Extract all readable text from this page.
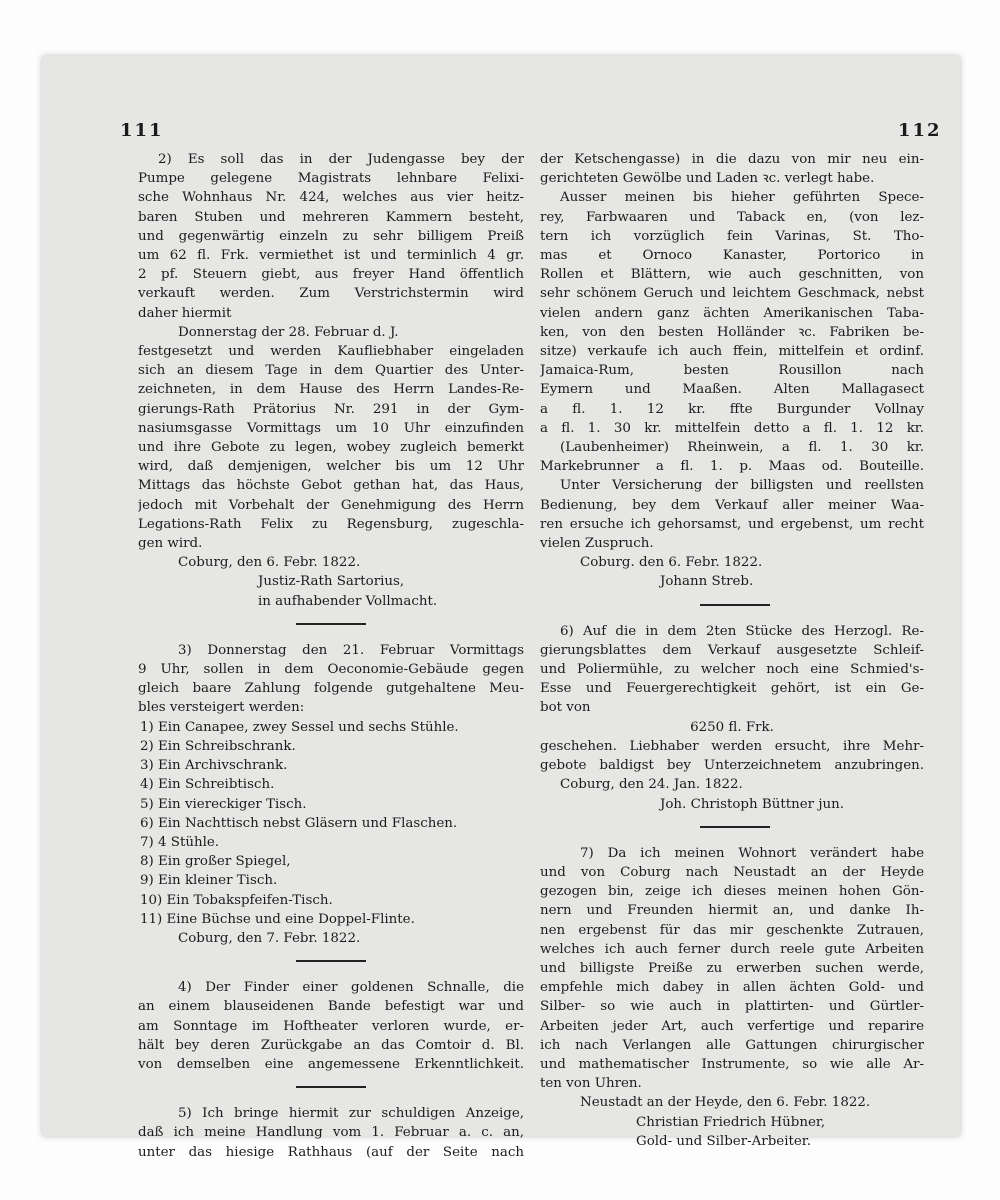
111	112
2) Es soll das in der Judengasse bey der
Pumpe gelegene Magistrats lehnbare Felixi-
sche Wohnhaus Nr. 424, welches aus vier heitz-
baren Stuben und mehreren Kammern besteht,
und gegenwärtig einzeln zu sehr billigem Preiß
um 62 fl. Frk. vermiethet ist und terminlich 4 gr.
2 pf. Steuern giebt, aus freyer Hand öffentlich
verkauft werden. Zum Verstrichstermin wird
daher hiermit
Donnerstag der 28. Februar d. J.
festgesetzt und werden Kaufliebhaber eingeladen
sich an diesem Tage in dem Quartier des Unter-
zeichneten, in dem Hause des Herrn Landes-Re-
gierungs-Rath Prätorius Nr. 291 in der Gym-
nasiumsgasse Vormittags um 10 Uhr einzufinden
und ihre Gebote zu legen, wobey zugleich bemerkt
wird, daß demjenigen, welcher bis um 12 Uhr
Mittags das höchste Gebot gethan hat, das Haus,
jedoch mit Vorbehalt der Genehmigung des Herrn
Legations-Rath Felix zu Regensburg, zugeschla-
gen wird.
Coburg, den 6. Febr. 1822.
Justiz-Rath Sartorius,
in aufhabender Vollmacht.
3) Donnerstag den 21. Februar Vormittags
9 Uhr, sollen in dem Oeconomie-Gebäude gegen
gleich baare Zahlung folgende gutgehaltene Meu-
bles versteigert werden:
1) Ein Canapee, zwey Sessel und sechs Stühle.
2) Ein Schreibschrank.
3) Ein Archivschrank.
4) Ein Schreibtisch.
5) Ein viereckiger Tisch.
6) Ein Nachttisch nebst Gläsern und Flaschen.
7) 4 Stühle.
8) Ein großer Spiegel,
9) Ein kleiner Tisch.
10) Ein Tobakspfeifen-Tisch.
11) Eine Büchse und eine Doppel-Flinte.
Coburg, den 7. Febr. 1822.
4) Der Finder einer goldenen Schnalle, die
an einem blauseidenen Bande befestigt war und
am Sonntage im Hoftheater verloren wurde, er-
hält bey deren Zurückgabe an das Comtoir d. Bl.
von demselben eine angemessene Erkenntlichkeit.
5) Ich bringe hiermit zur schuldigen Anzeige,
daß ich meine Handlung vom 1. Februar a. c. an,
unter das hiesige Rathhaus (auf der Seite nach
der Ketschengasse) in die dazu von mir neu ein-
gerichteten Gewölbe und Laden ꝛc. verlegt habe.
Ausser meinen bis hieher geführten Spece-
rey, Farbwaaren und Taback en, (von lez-
tern ich vorzüglich fein Varinas, St. Tho-
mas et Ornoco Kanaster, Portorico in
Rollen et Blättern, wie auch geschnitten, von
sehr schönem Geruch und leichtem Geschmack, nebst
vielen andern ganz ächten Amerikanischen Taba-
ken, von den besten Holländer ꝛc. Fabriken be-
sitze) verkaufe ich auch ffein, mittelfein et ordinf.
Jamaica-Rum, besten Rousillon nach
Eymern und Maaßen. Alten Mallagasect
a fl. 1. 12 kr. ffte Burgunder Vollnay
a fl. 1. 30 kr. mittelfein detto a fl. 1. 12 kr.
(Laubenheimer) Rheinwein, a fl. 1. 30 kr.
Markebrunner a fl. 1. p. Maas od. Bouteille.
Unter Versicherung der billigsten und reellsten
Bedienung, bey dem Verkauf aller meiner Waa-
ren ersuche ich gehorsamst, und ergebenst, um recht
vielen Zuspruch.
Coburg. den 6. Febr. 1822.
Johann Streb.
6) Auf die in dem 2ten Stücke des Herzogl. Re-
gierungsblattes dem Verkauf ausgesetzte Schleif-
und Poliermühle, zu welcher noch eine Schmied's-
Esse und Feuergerechtigkeit gehört, ist ein Ge-
bot von
6250 fl. Frk.
geschehen. Liebhaber werden ersucht, ihre Mehr-
gebote baldigst bey Unterzeichnetem anzubringen.
Coburg, den 24. Jan. 1822.
Joh. Christoph Büttner jun.
7) Da ich meinen Wohnort verändert habe
und von Coburg nach Neustadt an der Heyde
gezogen bin, zeige ich dieses meinen hohen Gön-
nern und Freunden hiermit an, und danke Ih-
nen ergebenst für das mir geschenkte Zutrauen,
welches ich auch ferner durch reele gute Arbeiten
und billigste Preiße zu erwerben suchen werde,
empfehle mich dabey in allen ächten Gold- und
Silber- so wie auch in plattirten- und Gürtler-
Arbeiten jeder Art, auch verfertige und reparire
ich nach Verlangen alle Gattungen chirurgischer
und mathematischer Instrumente, so wie alle Ar-
ten von Uhren.
Neustadt an der Heyde, den 6. Febr. 1822.
Christian Friedrich Hübner,
Gold- und Silber-Arbeiter.
